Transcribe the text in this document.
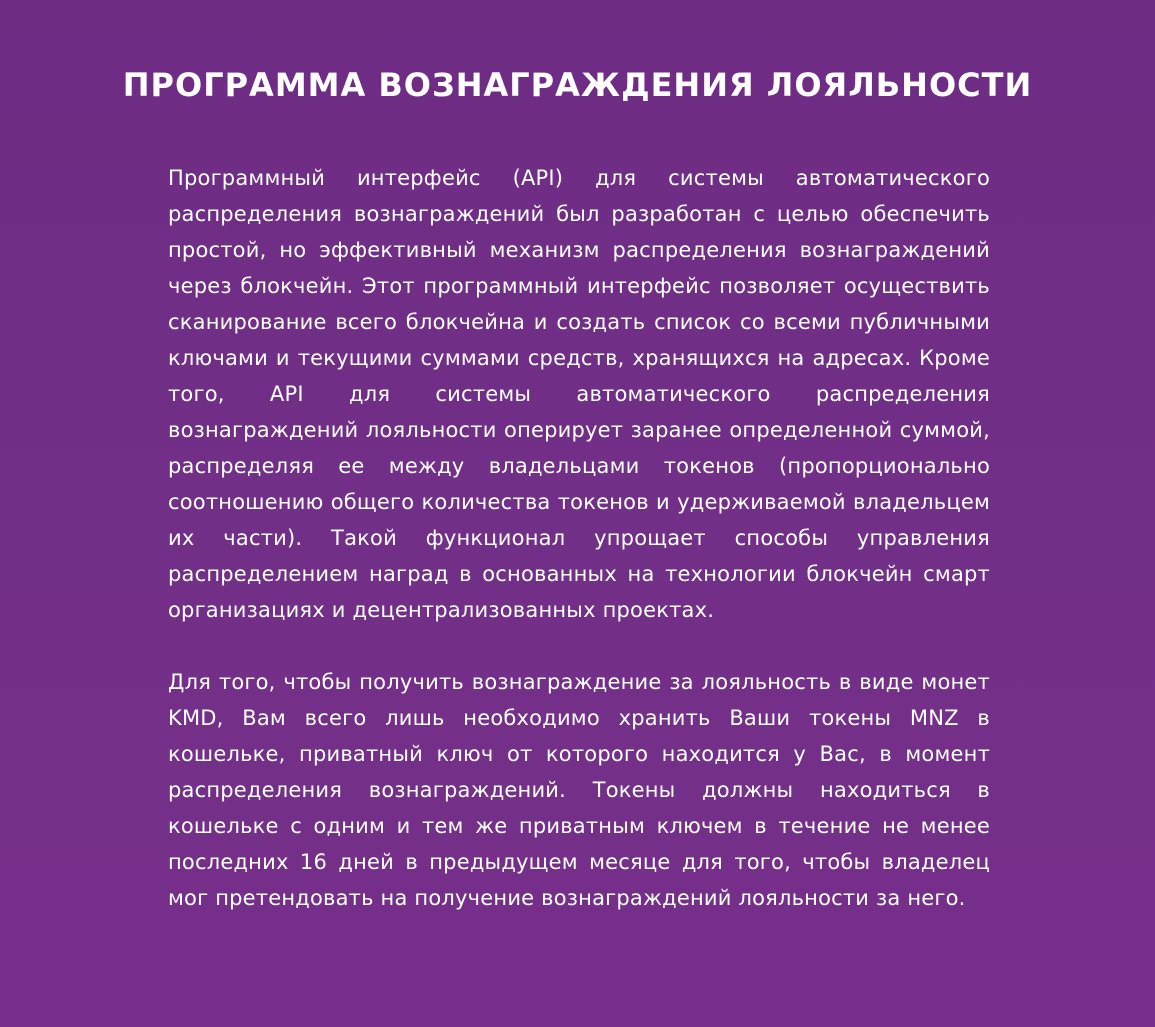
ПРОГРАММА ВОЗНАГРАЖДЕНИЯ ЛОЯЛЬНОСТИ

Программный интерфейс (API) для системы автоматического распределения вознаграждений был разработан с целью обеспечить простой, но эффективный механизм распределения вознаграждений через блокчейн. Этот программный интерфейс позволяет осуществить сканирование всего блокчейна и создать список со всеми публичными ключами и текущими суммами средств, хранящихся на адресах. Кроме того, API для системы автоматического распределения вознаграждений лояльности оперирует заранее определенной суммой, распределяя ее между владельцами токенов (пропорционально соотношению общего количества токенов и удерживаемой владельцем их части). Такой функционал упрощает способы управления распределением наград в основанных на технологии блокчейн смарт организациях и децентрализованных проектах.

Для того, чтобы получить вознаграждение за лояльность в виде монет KMD, Вам всего лишь необходимо хранить Ваши токены MNZ в кошельке, приватный ключ от которого находится у Вас, в момент распределения вознаграждений. Токены должны находиться в кошельке с одним и тем же приватным ключем в течение не менее последних 16 дней в предыдущем месяце для того, чтобы владелец мог претендовать на получение вознаграждений лояльности за него.
